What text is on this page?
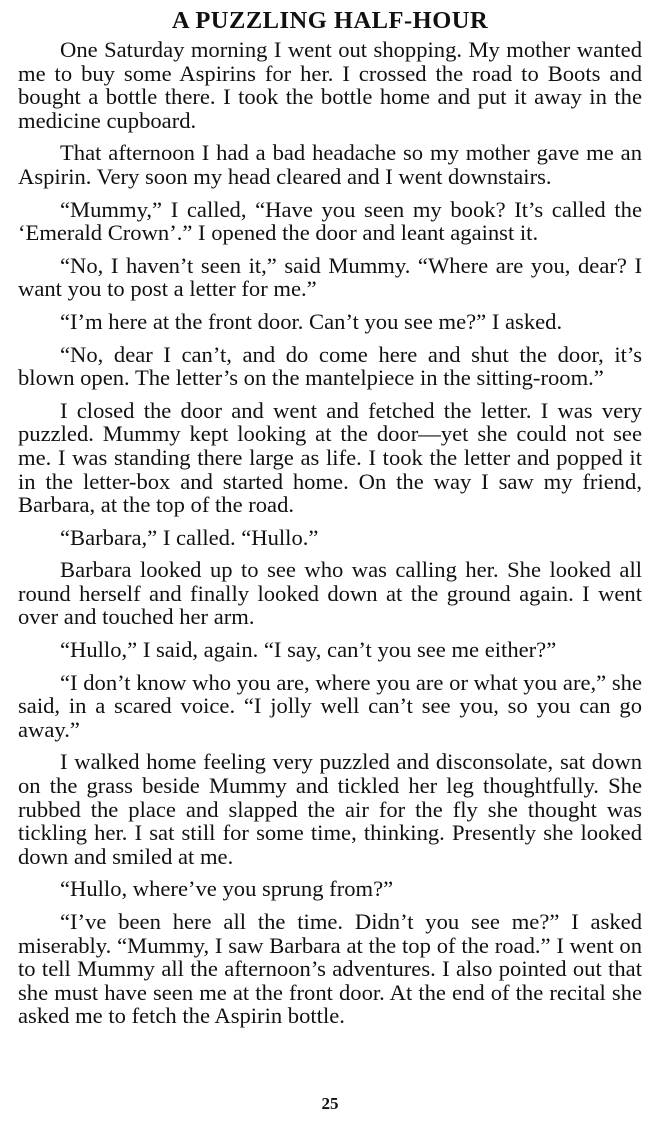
A PUZZLING HALF-HOUR

One Saturday morning I went out shopping. My mother wanted me to buy some Aspirins for her. I crossed the road to Boots and bought a bottle there. I took the bottle home and put it away in the medicine cupboard.

That afternoon I had a bad headache so my mother gave me an Aspirin. Very soon my head cleared and I went downstairs.

“Mummy,” I called, “Have you seen my book? It’s called the ‘Emerald Crown’.” I opened the door and leant against it.

“No, I haven’t seen it,” said Mummy. “Where are you, dear? I want you to post a letter for me.”

“I’m here at the front door. Can’t you see me?” I asked.

“No, dear I can’t, and do come here and shut the door, it’s blown open. The letter’s on the mantelpiece in the sitting-room.”

I closed the door and went and fetched the letter. I was very puzzled. Mummy kept looking at the door—yet she could not see me. I was standing there large as life. I took the letter and popped it in the letter-box and started home. On the way I saw my friend, Barbara, at the top of the road.

“Barbara,” I called. “Hullo.”

Barbara looked up to see who was calling her. She looked all round herself and finally looked down at the ground again. I went over and touched her arm.

“Hullo,” I said, again. “I say, can’t you see me either?”

“I don’t know who you are, where you are or what you are,” she said, in a scared voice. “I jolly well can’t see you, so you can go away.”

I walked home feeling very puzzled and disconsolate, sat down on the grass beside Mummy and tickled her leg thoughtfully. She rubbed the place and slapped the air for the fly she thought was tickling her. I sat still for some time, thinking. Presently she looked down and smiled at me.

“Hullo, where’ve you sprung from?”

“I’ve been here all the time. Didn’t you see me?” I asked miserably. “Mummy, I saw Barbara at the top of the road.” I went on to tell Mummy all the afternoon’s adventures. I also pointed out that she must have seen me at the front door. At the end of the recital she asked me to fetch the Aspirin bottle.

25
